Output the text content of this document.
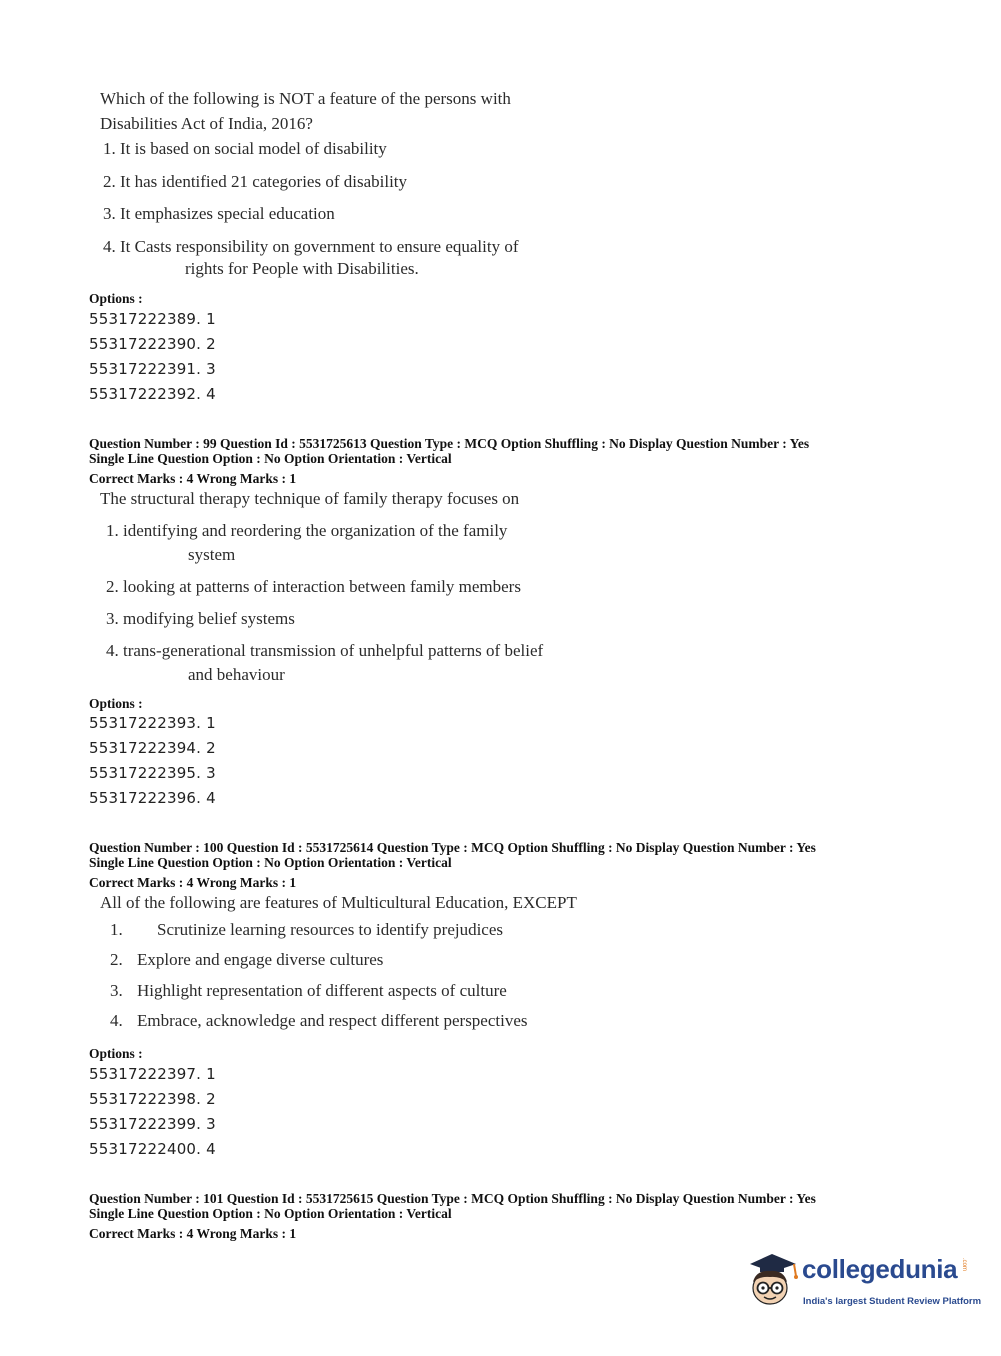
Which of the following is NOT a feature of the persons with
Disabilities Act of India, 2016?
1. It is based on social model of disability
2. It has identified 21 categories of disability
3. It emphasizes special education
4. It Casts responsibility on government to ensure equality of
rights for People with Disabilities.
Options :
55317222389. 1
55317222390. 2
55317222391. 3
55317222392. 4
Question Number : 99 Question Id : 5531725613 Question Type : MCQ Option Shuffling : No Display Question Number : Yes
Single Line Question Option : No Option Orientation : Vertical
Correct Marks : 4 Wrong Marks : 1
The structural therapy technique of family therapy focuses on
1. identifying and reordering the organization of the family
system
2. looking at patterns of interaction between family members
3. modifying belief systems
4. trans-generational transmission of unhelpful patterns of belief
and behaviour
Options :
55317222393. 1
55317222394. 2
55317222395. 3
55317222396. 4
Question Number : 100 Question Id : 5531725614 Question Type : MCQ Option Shuffling : No Display Question Number : Yes
Single Line Question Option : No Option Orientation : Vertical
Correct Marks : 4 Wrong Marks : 1
All of the following are features of Multicultural Education, EXCEPT
1. Scrutinize learning resources to identify prejudices
2. Explore and engage diverse cultures
3. Highlight representation of different aspects of culture
4. Embrace, acknowledge and respect different perspectives
Options :
55317222397. 1
55317222398. 2
55317222399. 3
55317222400. 4
Question Number : 101 Question Id : 5531725615 Question Type : MCQ Option Shuffling : No Display Question Number : Yes
Single Line Question Option : No Option Orientation : Vertical
Correct Marks : 4 Wrong Marks : 1
collegedunia .com
India's largest Student Review Platform
